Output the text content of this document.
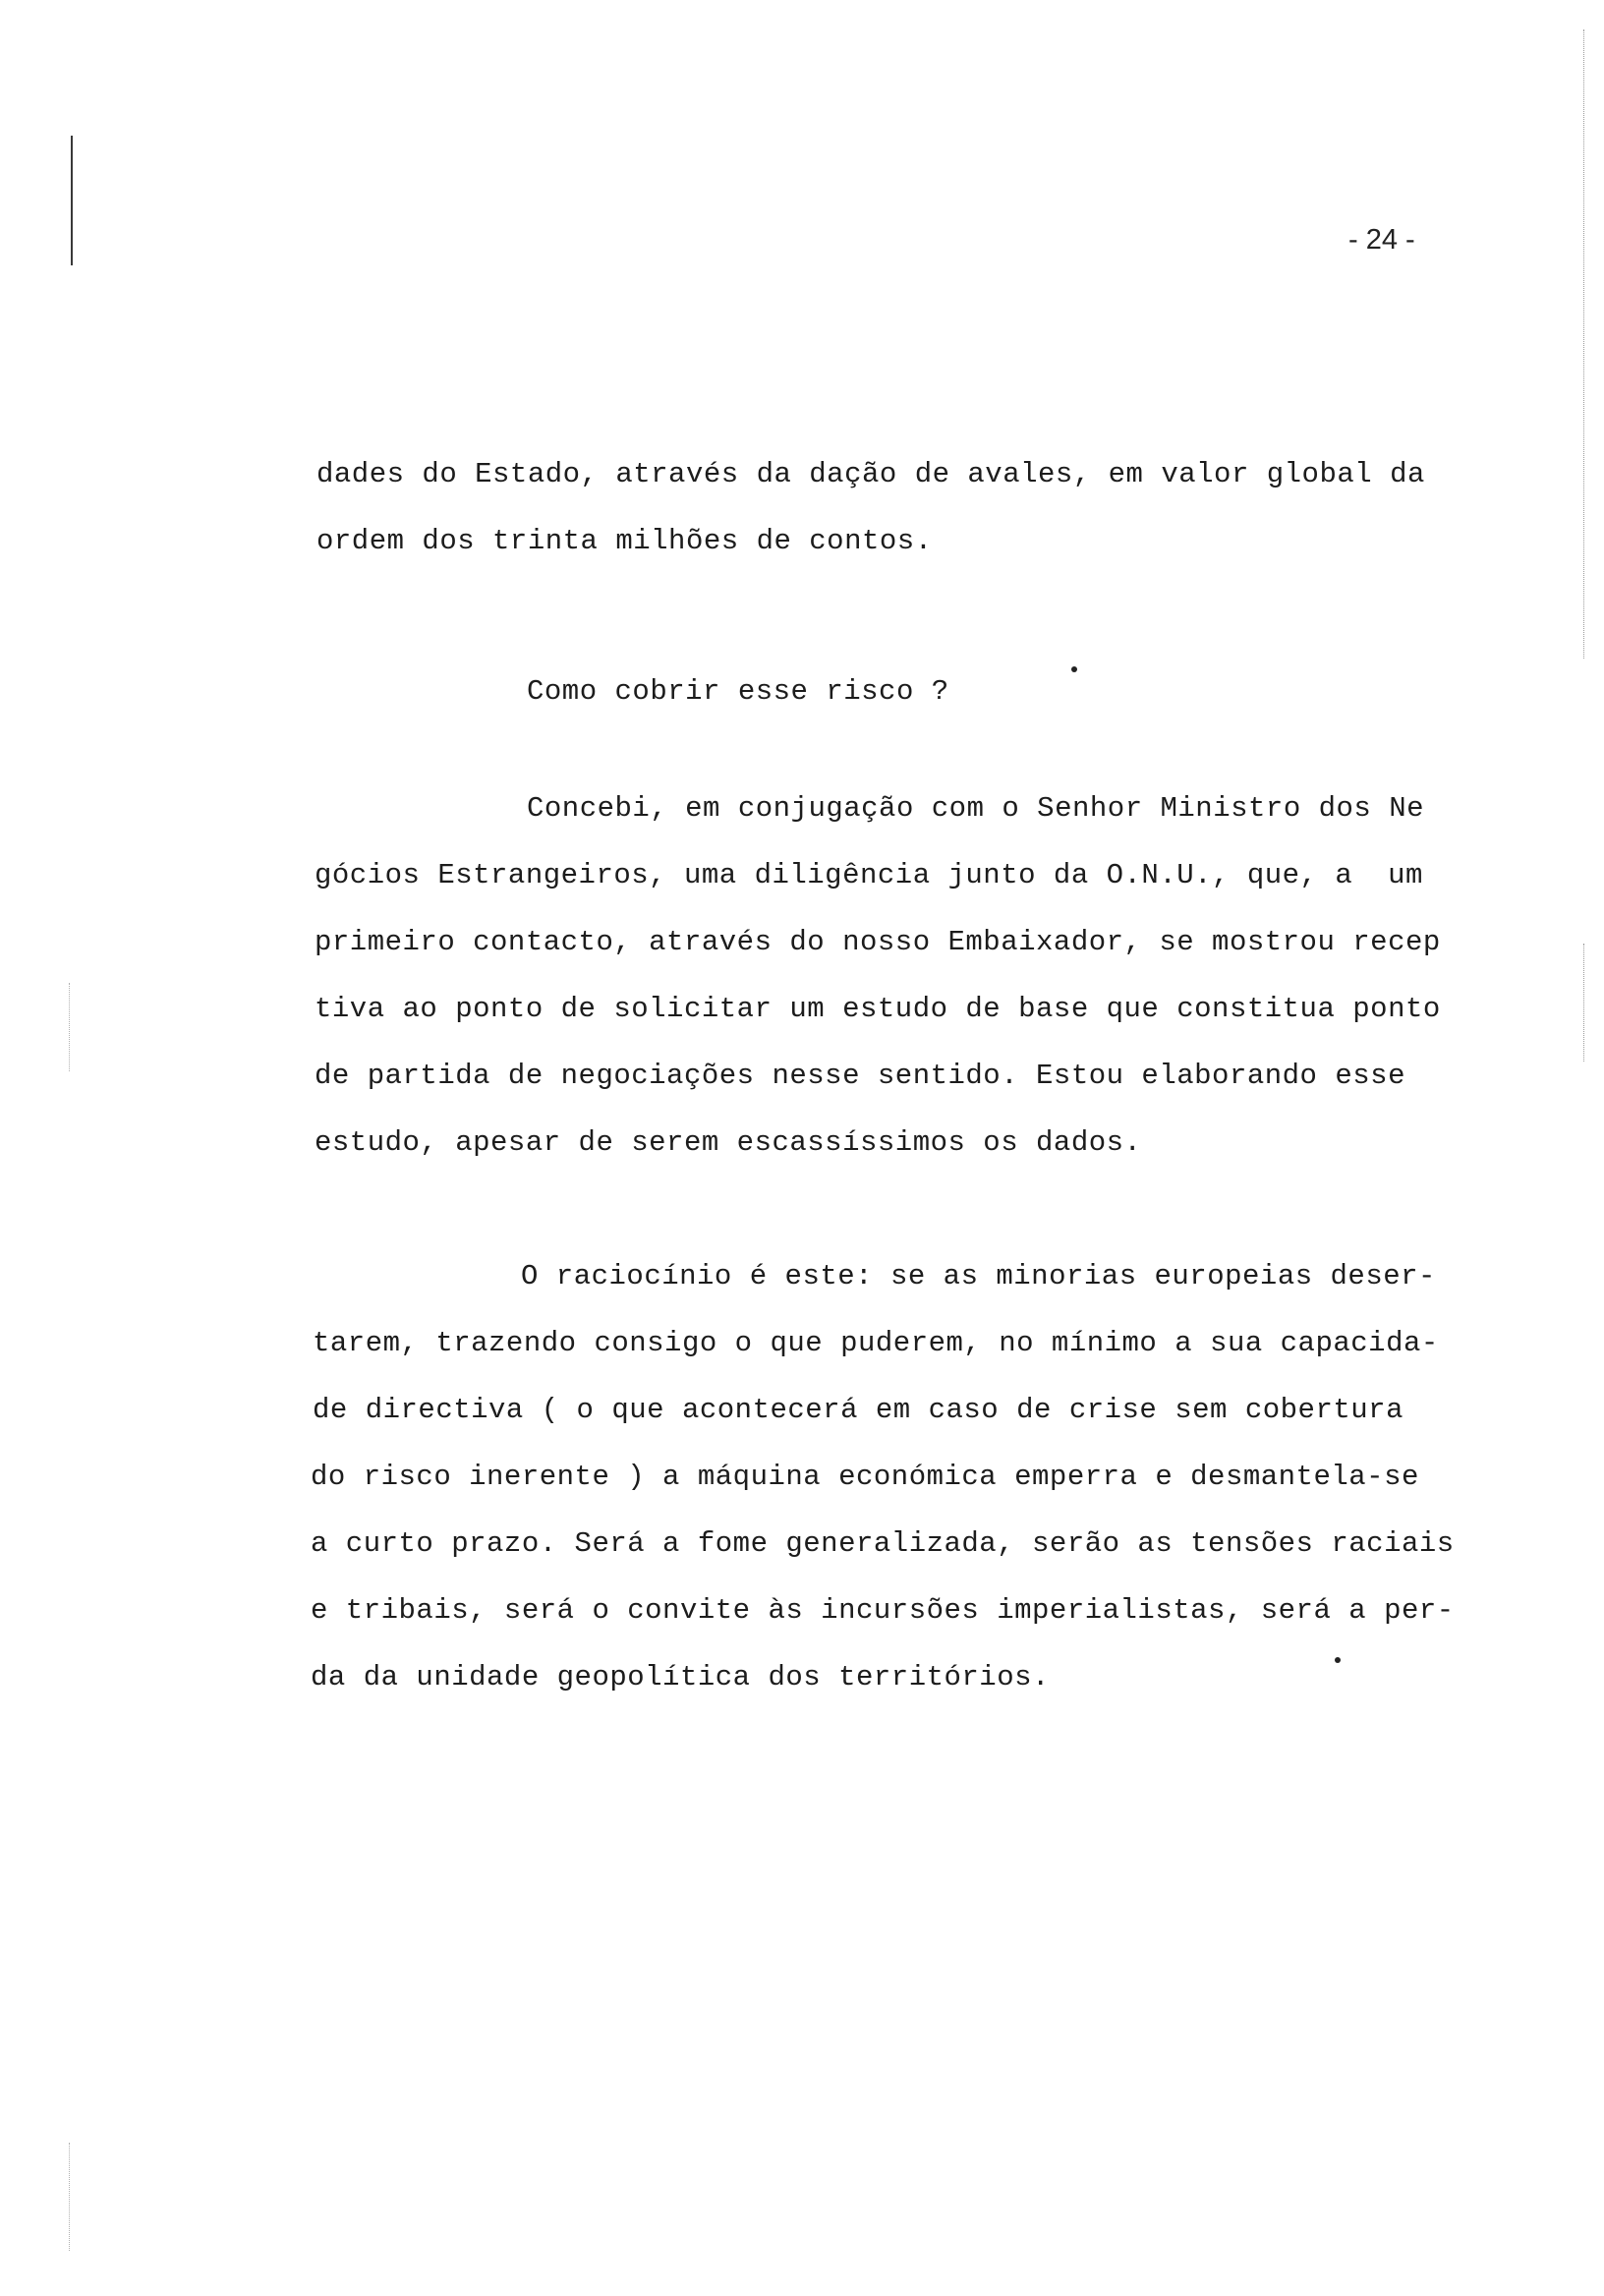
- 24 -
dades do Estado, através da dação de avales, em valor global da
ordem dos trinta milhões de contos.
Como cobrir esse risco ?
Concebi, em conjugação com o Senhor Ministro dos Ne
gócios Estrangeiros, uma diligência junto da O.N.U., que, a  um
primeiro contacto, através do nosso Embaixador, se mostrou recep
tiva ao ponto de solicitar um estudo de base que constitua ponto
de partida de negociações nesse sentido. Estou elaborando esse
estudo, apesar de serem escassíssimos os dados.
O raciocínio é este: se as minorias europeias deser-
tarem, trazendo consigo o que puderem, no mínimo a sua capacida-
de directiva ( o que acontecerá em caso de crise sem cobertura
do risco inerente ) a máquina económica emperra e desmantela-se
a curto prazo. Será a fome generalizada, serão as tensões raciais
e tribais, será o convite às incursões imperialistas, será a per-
da da unidade geopolítica dos territórios.
